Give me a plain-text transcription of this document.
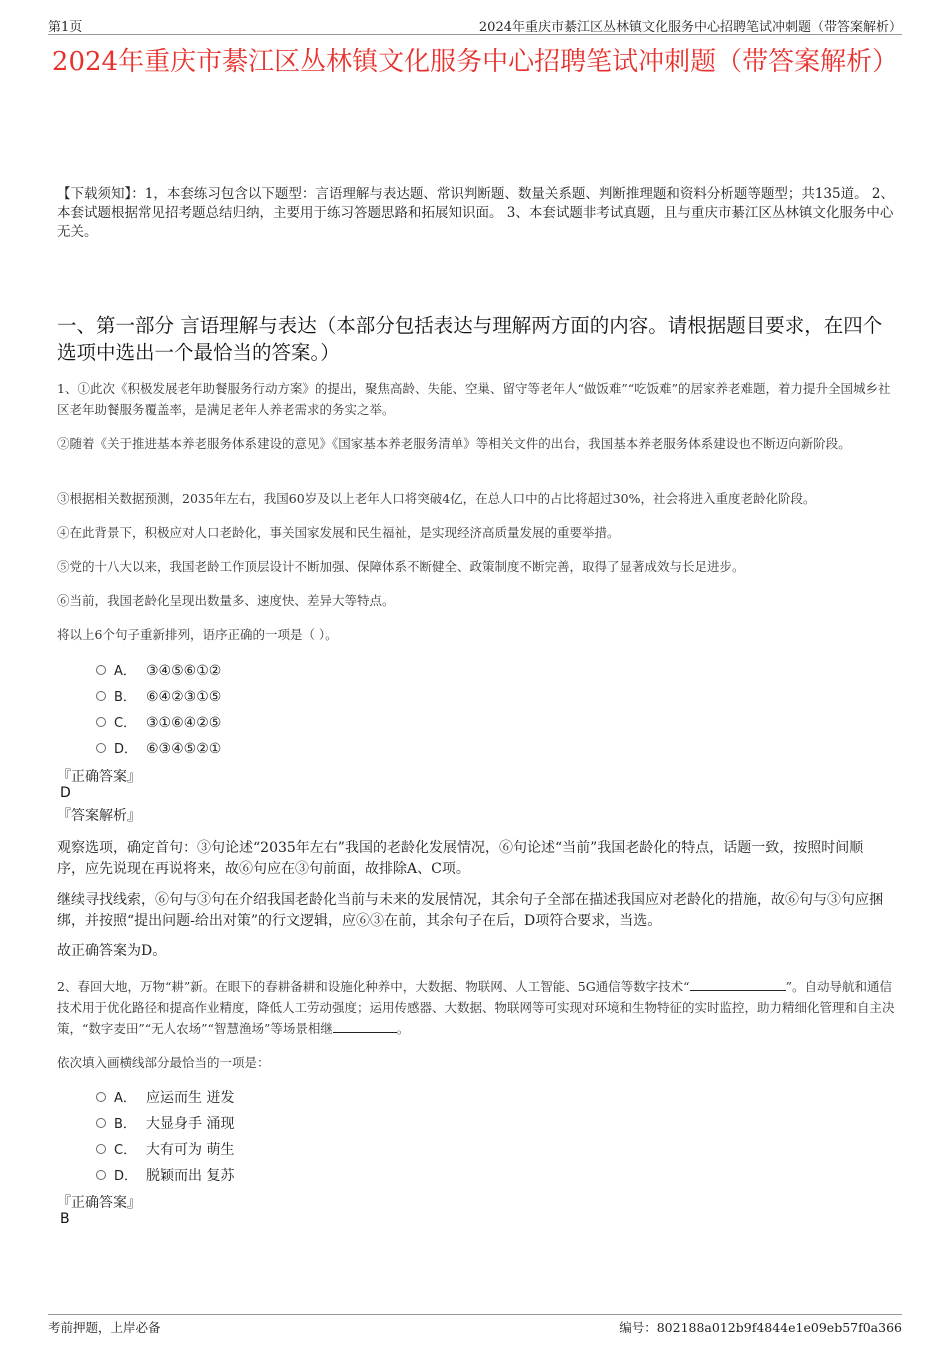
第1页	2024年重庆市綦江区丛林镇文化服务中心招聘笔试冲刺题（带答案解析）
2024年重庆市綦江区丛林镇文化服务中心招聘笔试冲刺题（带答案解析）
【下载须知】：1，本套练习包含以下题型：言语理解与表达题、常识判断题、数量关系题、判断推理题和资料分析题等题型；共135道。 2、本套试题根据常见招考题总结归纳，主要用于练习答题思路和拓展知识面。 3、本套试题非考试真题，且与重庆市綦江区丛林镇文化服务中心无关。
一、第一部分 言语理解与表达（本部分包括表达与理解两方面的内容。请根据题目要求，在四个选项中选出一个最恰当的答案。）
1、①此次《积极发展老年助餐服务行动方案》的提出，聚焦高龄、失能、空巢、留守等老年人“做饭难”“吃饭难”的居家养老难题，着力提升全国城乡社区老年助餐服务覆盖率，是满足老年人养老需求的务实之举。
②随着《关于推进基本养老服务体系建设的意见》《国家基本养老服务清单》等相关文件的出台，我国基本养老服务体系建设也不断迈向新阶段。
③根据相关数据预测，2035年左右，我国60岁及以上老年人口将突破4亿，在总人口中的占比将超过30%，社会将进入重度老龄化阶段。
④在此背景下，积极应对人口老龄化，事关国家发展和民生福祉，是实现经济高质量发展的重要举措。
⑤党的十八大以来，我国老龄工作顶层设计不断加强、保障体系不断健全、政策制度不断完善，取得了显著成效与长足进步。
⑥当前，我国老龄化呈现出数量多、速度快、差异大等特点。
将以上6个句子重新排列，语序正确的一项是（ ）。
A． ③④⑤⑥①②
B． ⑥④②③①⑤
C． ③①⑥④②⑤
D． ⑥③④⑤②①
『正确答案』
D
『答案解析』
观察选项，确定首句：③句论述“2035年左右”我国的老龄化发展情况，⑥句论述“当前”我国老龄化的特点，话题一致，按照时间顺序，应先说现在再说将来，故⑥句应在③句前面，故排除A、C项。
继续寻找线索，⑥句与③句在介绍我国老龄化当前与未来的发展情况，其余句子全部在描述我国应对老龄化的措施，故⑥句与③句应捆绑，并按照“提出问题-给出对策”的行文逻辑，应⑥③在前，其余句子在后，D项符合要求，当选。
故正确答案为D。
2、春回大地，万物“耕”新。在眼下的春耕备耕和设施化种养中，大数据、物联网、人工智能、5G通信等数字技术“	”。自动导航和通信技术用于优化路径和提高作业精度，降低人工劳动强度；运用传感器、大数据、物联网等可实现对环境和生物特征的实时监控，助力精细化管理和自主决策，“数字麦田”“无人农场”“智慧渔场”等场景相继	。
依次填入画横线部分最恰当的一项是：
A． 应运而生 迸发
B． 大显身手 涌现
C． 大有可为 萌生
D． 脱颖而出 复苏
『正确答案』
B
考前押题，上岸必备	编号：802188a012b9f4844e1e09eb57f0a366
